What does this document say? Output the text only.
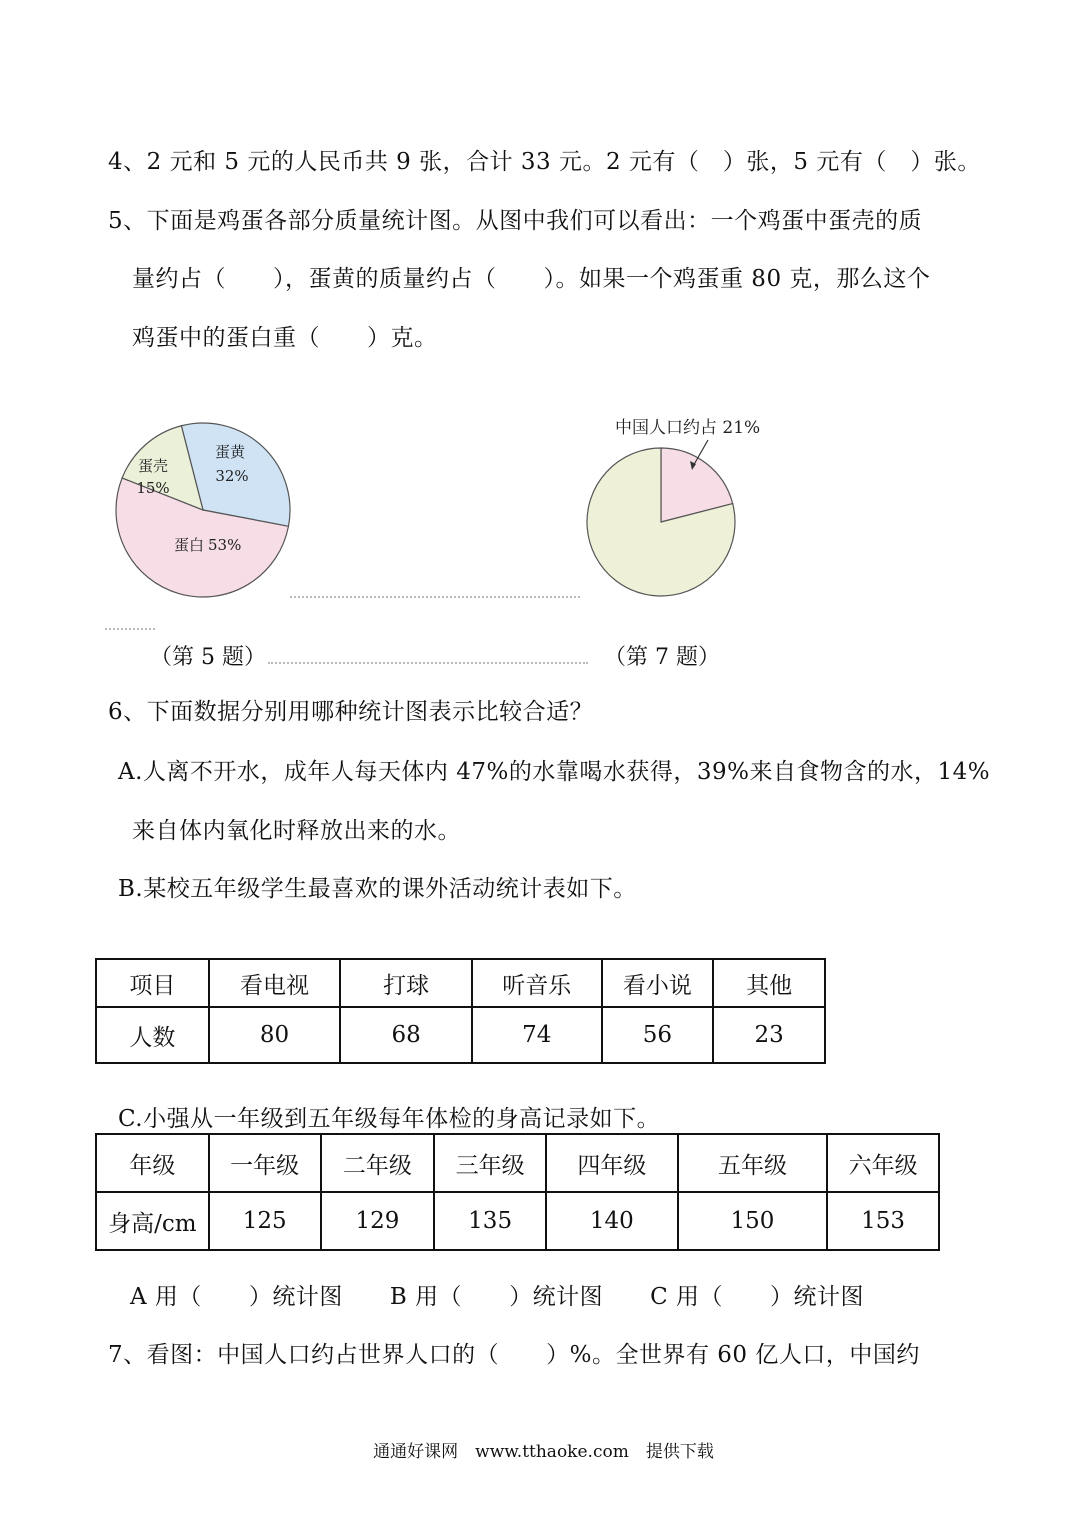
4、2 元和 5 元的人民币共 9 张，合计 33 元。2 元有（　）张，5 元有（　）张。
5、下面是鸡蛋各部分质量统计图。从图中我们可以看出：一个鸡蛋中蛋壳的质
量约占（　　），蛋黄的质量约占（　　）。如果一个鸡蛋重 80 克，那么这个
鸡蛋中的蛋白重（　　）克。
蛋黄
32%
蛋壳
15%
蛋白 53%
中国人口约占 21%
（第 5 题）	（第 7 题）
6、下面数据分别用哪种统计图表示比较合适？
A.人离不开水，成年人每天体内 47%的水靠喝水获得，39%来自食物含的水，14%
来自体内氧化时释放出来的水。
B.某校五年级学生最喜欢的课外活动统计表如下。
项目	看电视	打球	听音乐	看小说	其他
人数	80	68	74	56	23
C.小强从一年级到五年级每年体检的身高记录如下。
年级	一年级	二年级	三年级	四年级	五年级	六年级
身高/cm	125	129	135	140	150	153
A 用（　　）统计图　　B 用（　　）统计图　　C 用（　　）统计图
7、看图：中国人口约占世界人口的（　　）%。全世界有 60 亿人口，中国约
通通好课网　www.tthaoke.com　提供下载
